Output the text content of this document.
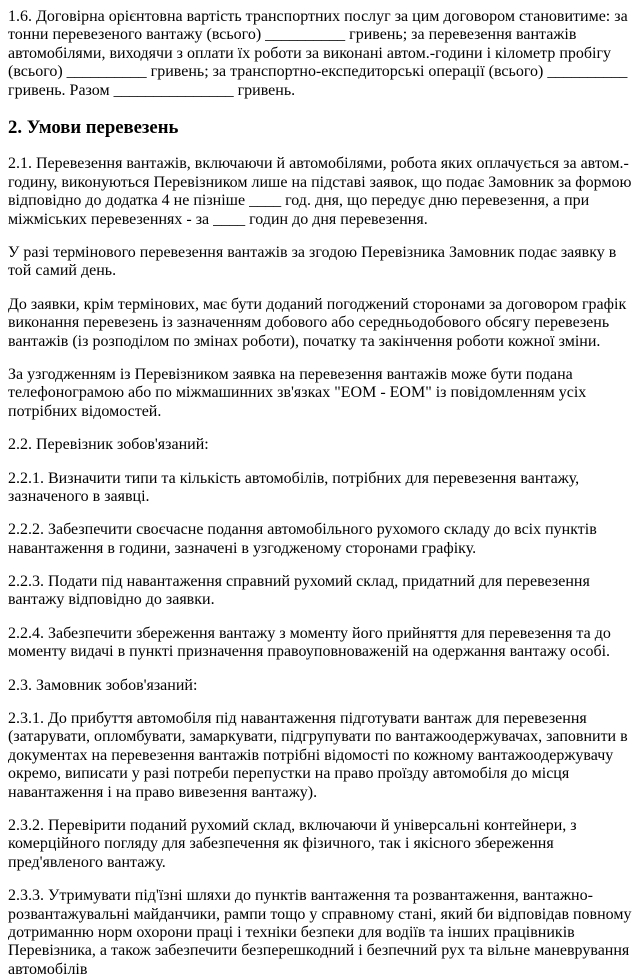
1.6. Договірна орієнтовна вартість транспортних послуг за цим договором становитиме: за тонни перевезеного вантажу (всього) __________ гривень; за перевезення вантажів автомобілями, виходячи з оплати їх роботи за виконані автом.-години і кілометр пробігу (всього) __________ гривень; за транспортно-експедиторські операції (всього) __________ гривень. Разом _______________ гривень.

2. Умови перевезень

2.1. Перевезення вантажів, включаючи й автомобілями, робота яких оплачується за автом.-годину, виконуються Перевізником лише на підставі заявок, що подає Замовник за формою відповідно до додатка 4 не пізніше ____ год. дня, що передує дню перевезення, а при міжміських перевезеннях - за ____ годин до дня перевезення.

У разі термінового перевезення вантажів за згодою Перевізника Замовник подає заявку в той самий день.

До заявки, крім термінових, має бути доданий погоджений сторонами за договором графік виконання перевезень із зазначенням добового або середньодобового обсягу перевезень вантажів (із розподілом по змінах роботи), початку та закінчення роботи кожної зміни.

За узгодженням із Перевізником заявка на перевезення вантажів може бути подана телефонограмою або по міжмашинних зв'язках "ЕОМ - ЕОМ" із повідомленням усіх потрібних відомостей.

2.2. Перевізник зобов'язаний:

2.2.1. Визначити типи та кількість автомобілів, потрібних для перевезення вантажу, зазначеного в заявці.

2.2.2. Забезпечити своєчасне подання автомобільного рухомого складу до всіх пунктів навантаження в години, зазначені в узгодженому сторонами графіку.

2.2.3. Подати під навантаження справний рухомий склад, придатний для перевезення вантажу відповідно до заявки.

2.2.4. Забезпечити збереження вантажу з моменту його прийняття для перевезення та до моменту видачі в пункті призначення правоуповноваженій на одержання вантажу особі.

2.3. Замовник зобов'язаний:

2.3.1. До прибуття автомобіля під навантаження підготувати вантаж для перевезення (затарувати, опломбувати, замаркувати, підгрупувати по вантажоодержувачах, заповнити в документах на перевезення вантажів потрібні відомості по кожному вантажоодержувачу окремо, виписати у разі потреби перепустки на право проїзду автомобіля до місця навантаження і на право вивезення вантажу).

2.3.2. Перевірити поданий рухомий склад, включаючи й універсальні контейнери, з комерційного погляду для забезпечення як фізичного, так і якісного збереження пред'явленого вантажу.

2.3.3. Утримувати під'їзні шляхи до пунктів вантаження та розвантаження, вантажно-розвантажувальні майданчики, рампи тощо у справному стані, який би відповідав повному дотриманню норм охорони праці і техніки безпеки для водіїв та інших працівників Перевізника, а також забезпечити безперешкодний і безпечний рух та вільне маневрування автомобілів
